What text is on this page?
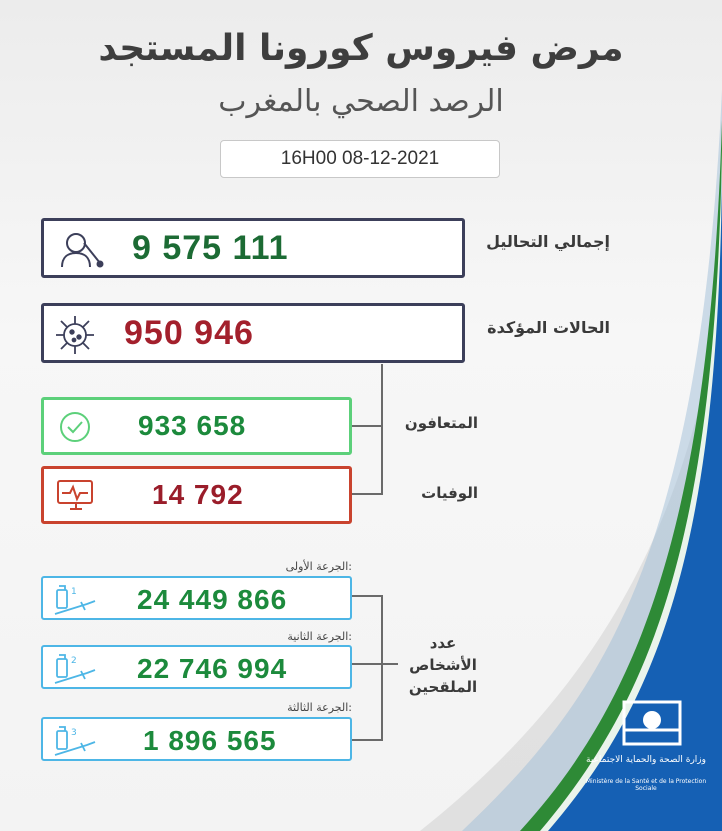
مرض فيروس كورونا المستجد
الرصد الصحي بالمغرب
16H00 08-12-2021
9 575 111	إجمالي التحاليل
950 946	الحالات المؤكدة
933 658	المتعافون
14 792	الوفيات
الجرعة الأولى:
1 24 449 866
الجرعة الثانية:
2 22 746 994
الجرعة الثالثة:
3 1 896 565
عدد الأشخاص الملقحين
وزارة الصحة والحماية الاجتماعية
Ministère de la Santé et de la Protection Sociale
